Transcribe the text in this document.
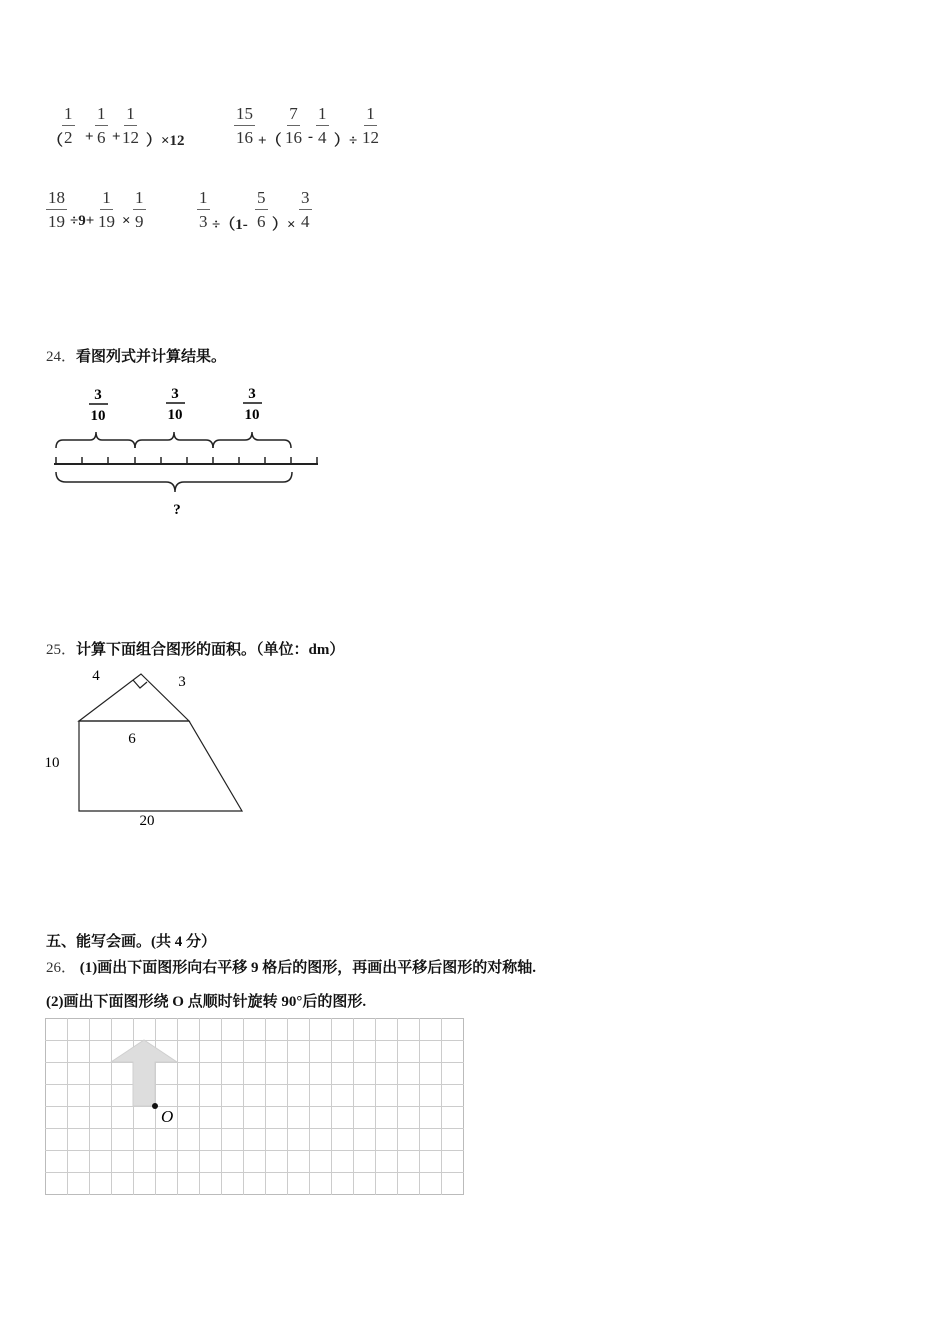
（
$\frac{1}{2} + \frac{1}{6} + \frac{1}{12} )\times 12$	$\frac{15}{16}$ +（ $\frac{7}{16} - \frac{1}{4}$ ）÷ $\frac{1}{12}$
$\frac{18}{19} \div 9+ \frac{1}{19} \times \frac{1}{9}$	$\frac{1}{3} \div(1- \frac{5}{6}$ ）× $\frac{3}{4}$
24．看图列式并计算结果。
3
10
3
10
3
10
?
25．计算下面组合图形的面积。（单位：dm）
4	3
6
10
20
五、能写会画。(共 4 分）
26． (1)画出下面图形向右平移 9 格后的图形，再画出平移后图形的对称轴.
(2)画出下面图形绕 O 点顺时针旋转 90°后的图形.
O
